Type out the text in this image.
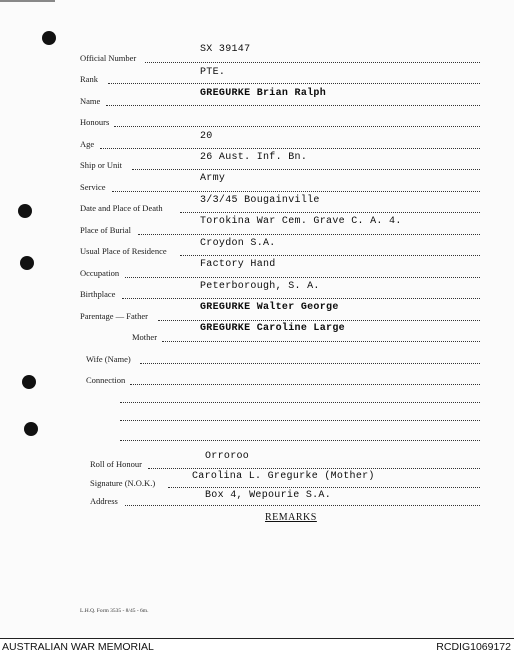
Official Number
SX 39147
Rank
PTE.
Name
GREGURKE Brian Ralph
Honours
Age
20
Ship or Unit
26 Aust. Inf. Bn.
Service
Army
Date and Place of Death
3/3/45 Bougainville
Place of Burial
Torokina War Cem. Grave C. A. 4.
Usual Place of Residence
Croydon S.A.
Occupation
Factory Hand
Birthplace
Peterborough, S. A.
Parentage — Father
GREGURKE Walter George
Mother
GREGURKE Caroline Large
Wife (Name)
Connection
Roll of Honour
Orroroo
Signature (N.O.K.)
Carolina L. Gregurke (Mother)
Address	Box 4, Wepourie S.A.
REMARKS
L.H.Q. Form 3535 - 8/45 - 6m.
AUSTRALIAN WAR MEMORIAL	RCDIG1069172
